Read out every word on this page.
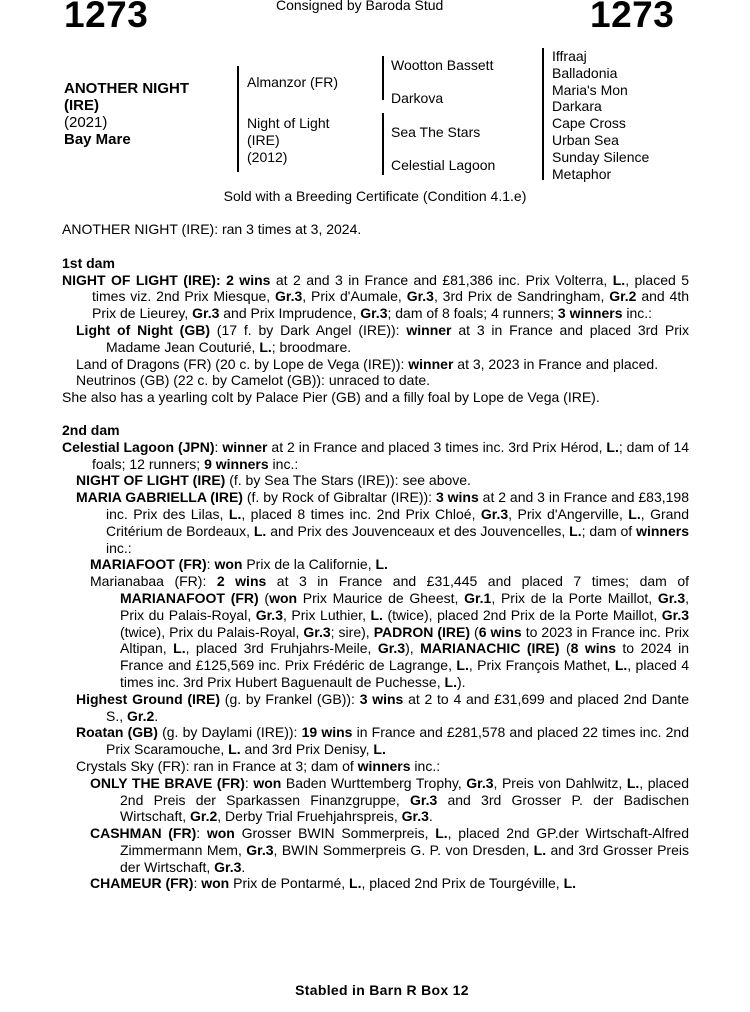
1273	Consigned by Baroda Stud	1273
ANOTHER NIGHT
(IRE)
(2021)
Bay Mare
Almanzor (FR)
Night of Light
(IRE)
(2012)
Wootton Bassett
Darkova
Sea The Stars
Celestial Lagoon
Iffraaj
Balladonia
Maria's Mon
Darkara
Cape Cross
Urban Sea
Sunday Silence
Metaphor
Sold with a Breeding Certificate (Condition 4.1.e)

ANOTHER NIGHT (IRE): ran 3 times at 3, 2024.

1st dam

NIGHT OF LIGHT (IRE): 2 wins at 2 and 3 in France and £81,386 inc. Prix Volterra, L., placed 5 times viz. 2nd Prix Miesque, Gr.3, Prix d'Aumale, Gr.3, 3rd Prix de Sandringham, Gr.2 and 4th Prix de Lieurey, Gr.3 and Prix Imprudence, Gr.3; dam of 8 foals; 4 runners; 3 winners inc.:

Light of Night (GB) (17 f. by Dark Angel (IRE)): winner at 3 in France and placed 3rd Prix Madame Jean Couturié, L.; broodmare.

Land of Dragons (FR) (20 c. by Lope de Vega (IRE)): winner at 3, 2023 in France and placed.

Neutrinos (GB) (22 c. by Camelot (GB)): unraced to date.

She also has a yearling colt by Palace Pier (GB) and a filly foal by Lope de Vega (IRE).

2nd dam

Celestial Lagoon (JPN): winner at 2 in France and placed 3 times inc. 3rd Prix Hérod, L.; dam of 14 foals; 12 runners; 9 winners inc.:

NIGHT OF LIGHT (IRE) (f. by Sea The Stars (IRE)): see above.

MARIA GABRIELLA (IRE) (f. by Rock of Gibraltar (IRE)): 3 wins at 2 and 3 in France and £83,198 inc. Prix des Lilas, L., placed 8 times inc. 2nd Prix Chloé, Gr.3, Prix d'Angerville, L., Grand Critérium de Bordeaux, L. and Prix des Jouvenceaux et des Jouvencelles, L.; dam of winners inc.:

MARIAFOOT (FR): won Prix de la Californie, L.

Marianabaa (FR): 2 wins at 3 in France and £31,445 and placed 7 times; dam of MARIANAFOOT (FR) (won Prix Maurice de Gheest, Gr.1, Prix de la Porte Maillot, Gr.3, Prix du Palais-Royal, Gr.3, Prix Luthier, L. (twice), placed 2nd Prix de la Porte Maillot, Gr.3 (twice), Prix du Palais-Royal, Gr.3; sire), PADRON (IRE) (6 wins to 2023 in France inc. Prix Altipan, L., placed 3rd Fruhjahrs-Meile, Gr.3), MARIANACHIC (IRE) (8 wins to 2024 in France and £125,569 inc. Prix Frédéric de Lagrange, L., Prix François Mathet, L., placed 4 times inc. 3rd Prix Hubert Baguenault de Puchesse, L.).

Highest Ground (IRE) (g. by Frankel (GB)): 3 wins at 2 to 4 and £31,699 and placed 2nd Dante S., Gr.2.

Roatan (GB) (g. by Daylami (IRE)): 19 wins in France and £281,578 and placed 22 times inc. 2nd Prix Scaramouche, L. and 3rd Prix Denisy, L.

Crystals Sky (FR): ran in France at 3; dam of winners inc.:

ONLY THE BRAVE (FR): won Baden Wurttemberg Trophy, Gr.3, Preis von Dahlwitz, L., placed 2nd Preis der Sparkassen Finanzgruppe, Gr.3 and 3rd Grosser P. der Badischen Wirtschaft, Gr.2, Derby Trial Fruehjahrspreis, Gr.3.

CASHMAN (FR): won Grosser BWIN Sommerpreis, L., placed 2nd GP.der Wirtschaft-Alfred Zimmermann Mem, Gr.3, BWIN Sommerpreis G. P. von Dresden, L. and 3rd Grosser Preis der Wirtschaft, Gr.3.

CHAMEUR (FR): won Prix de Pontarmé, L., placed 2nd Prix de Tourgéville, L.

Stabled in Barn R Box 12
